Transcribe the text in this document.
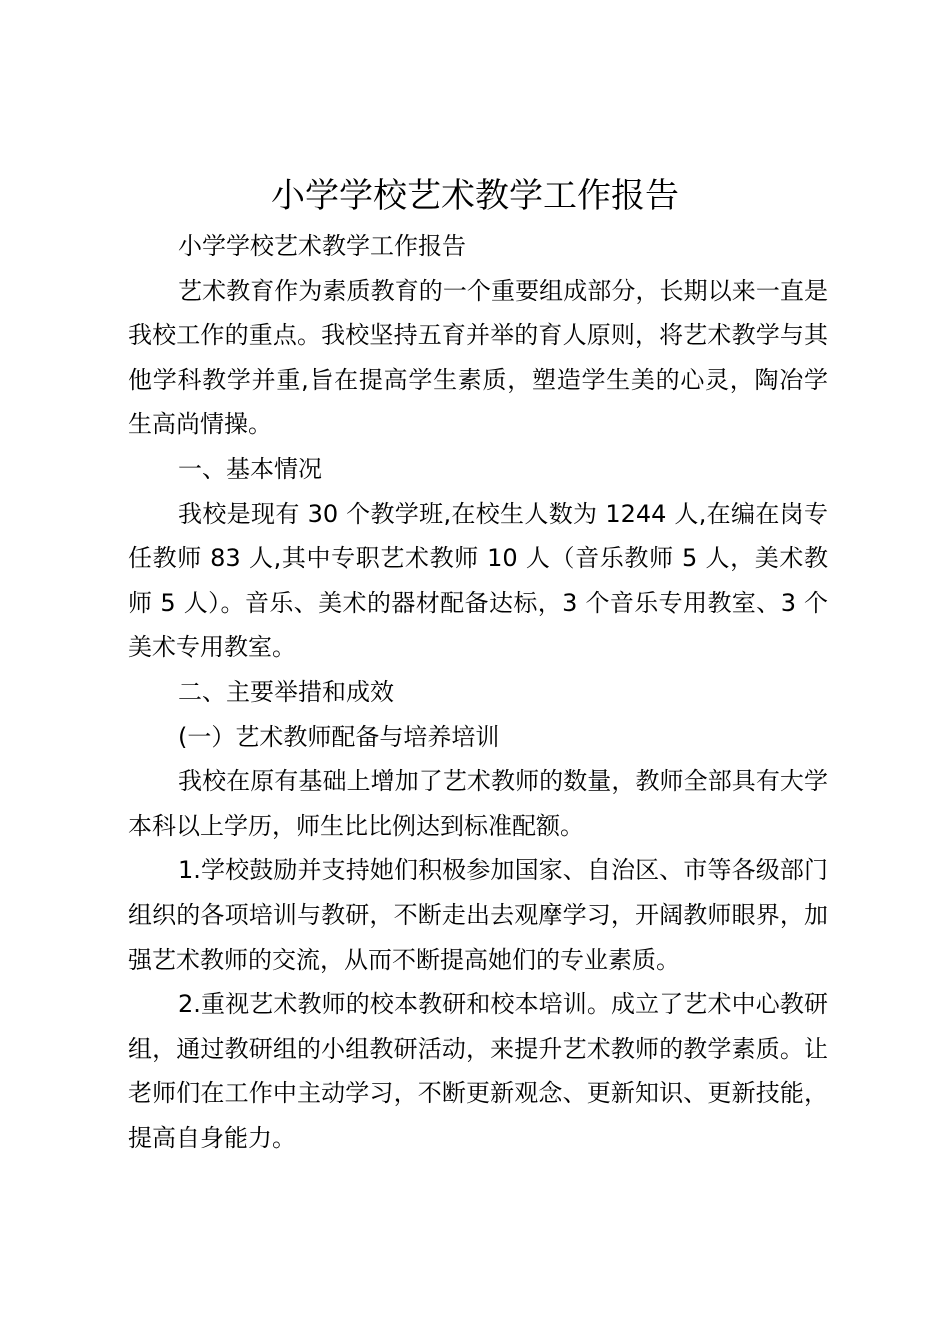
小学学校艺术教学工作报告

小学学校艺术教学工作报告

艺术教育作为素质教育的一个重要组成部分，长期以来一直是我校工作的重点。我校坚持五育并举的育人原则，将艺术教学与其他学科教学并重,旨在提高学生素质，塑造学生美的心灵，陶冶学生高尚情操。

一、基本情况

我校是现有 30 个教学班,在校生人数为 1244 人,在编在岗专任教师 83 人,其中专职艺术教师 10 人（音乐教师 5 人，美术教师 5 人）。音乐、美术的器材配备达标，3 个音乐专用教室、3 个美术专用教室。

二、主要举措和成效

(一）艺术教师配备与培养培训

我校在原有基础上增加了艺术教师的数量，教师全部具有大学本科以上学历，师生比比例达到标准配额。

1.学校鼓励并支持她们积极参加国家、自治区、市等各级部门组织的各项培训与教研，不断走出去观摩学习，开阔教师眼界，加强艺术教师的交流，从而不断提高她们的专业素质。

2.重视艺术教师的校本教研和校本培训。成立了艺术中心教研组，通过教研组的小组教研活动，来提升艺术教师的教学素质。让老师们在工作中主动学习，不断更新观念、更新知识、更新技能，提高自身能力。
